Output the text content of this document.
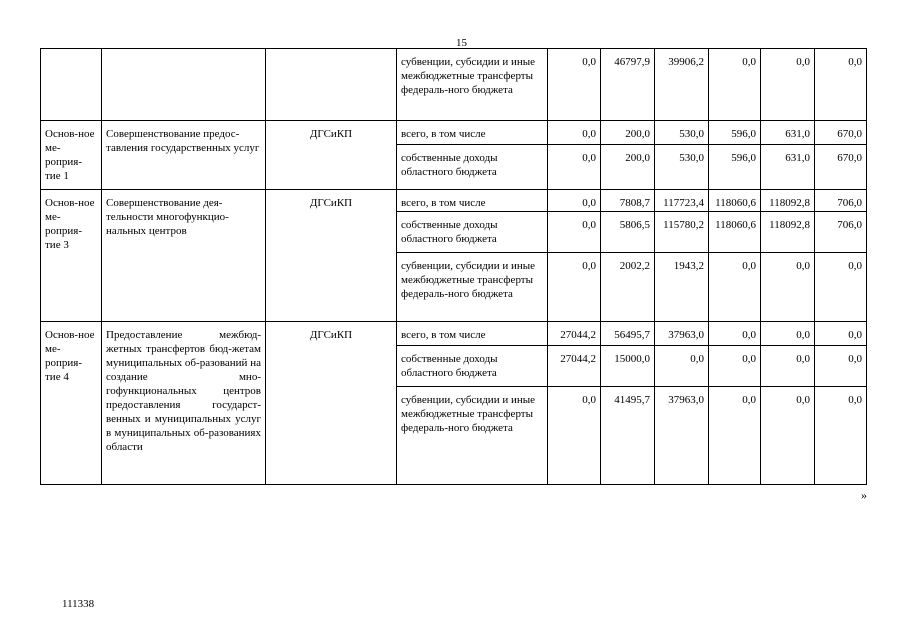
15
			субвенции, субсидии и иные межбюджетные трансферты федераль-ного бюджета	0,0	46797,9	39906,2	0,0	0,0	0,0
Основ-ное ме-роприя-тие 1	Совершенствование предос-тавления государственных услуг	ДГСиКП	всего, в том числе	0,0	200,0	530,0	596,0	631,0	670,0
			собственные доходы областного бюджета	0,0	200,0	530,0	596,0	631,0	670,0
Основ-ное ме-роприя-тие 3	Совершенствование дея-тельности многофункцио-нальных центров	ДГСиКП	всего, в том числе	0,0	7808,7	117723,4	118060,6	118092,8	706,0
			собственные доходы областного бюджета	0,0	5806,5	115780,2	118060,6	118092,8	706,0
			субвенции, субсидии и иные межбюджетные трансферты федераль-ного бюджета	0,0	2002,2	1943,2	0,0	0,0	0,0
Основ-ное ме-роприя-тие 4	Предоставление межбюд-жетных трансфертов бюд-жетам муниципальных об-разований на создание мно-гофункциональных центров предоставления государст-венных и муниципальных услуг в муниципальных об-разованиях области	ДГСиКП	всего, в том числе	27044,2	56495,7	37963,0	0,0	0,0	0,0
			собственные доходы областного бюджета	27044,2	15000,0	0,0	0,0	0,0	0,0
			субвенции, субсидии и иные межбюджетные трансферты федераль-ного бюджета	0,0	41495,7	37963,0	0,0	0,0	0,0
»
111338
